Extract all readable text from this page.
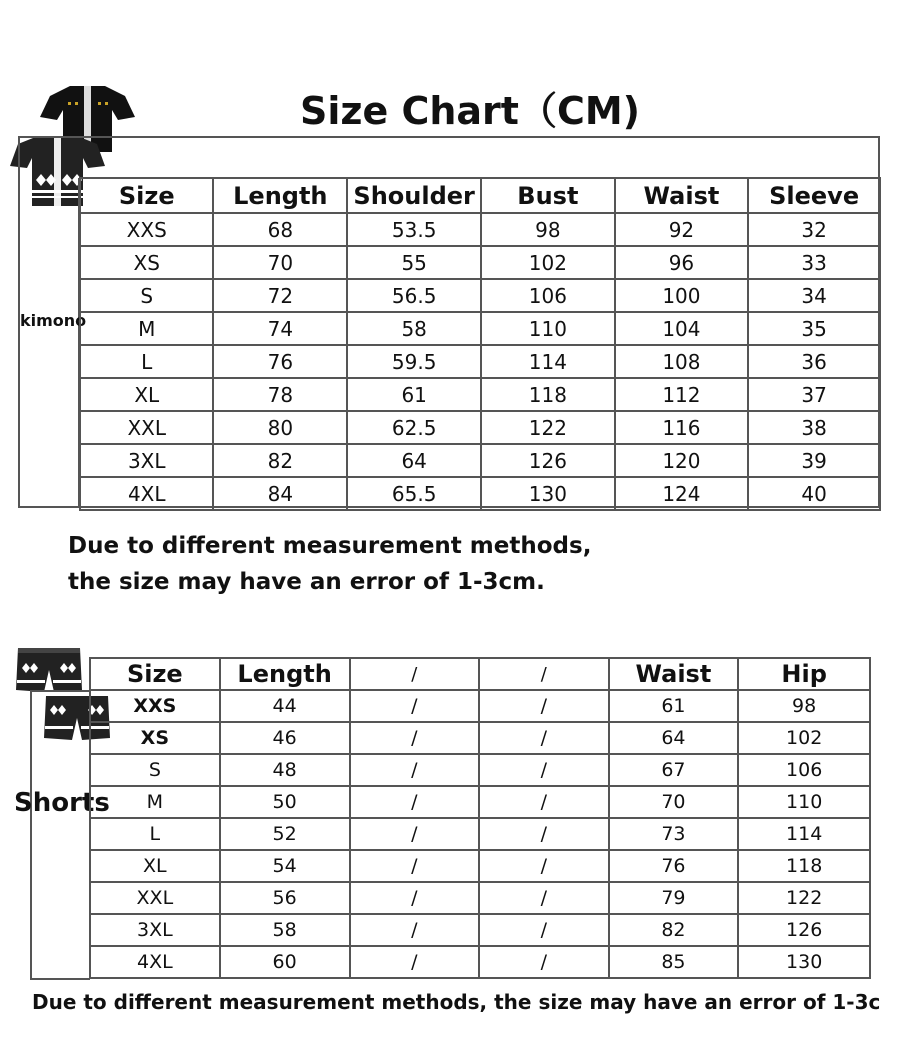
Size Chart（CM)
kimono
Size	Length	Shoulder	Bust	Waist	Sleeve
XXS	68	53.5	98	92	32
XS	70	55	102	96	33
S	72	56.5	106	100	34
M	74	58	110	104	35
L	76	59.5	114	108	36
XL	78	61	118	112	37
XXL	80	62.5	122	116	38
3XL	82	64	126	120	39
4XL	84	65.5	130	124	40
Due to different measurement methods,
the size may have an error of 1-3cm.
Shorts
Size	Length	/	/	Waist	Hip
XXS	44	/	/	61	98
XS	46	/	/	64	102
S	48	/	/	67	106
M	50	/	/	70	110
L	52	/	/	73	114
XL	54	/	/	76	118
XXL	56	/	/	79	122
3XL	58	/	/	82	126
4XL	60	/	/	85	130
Due to different measurement methods, the size may have an error of 1-3c
